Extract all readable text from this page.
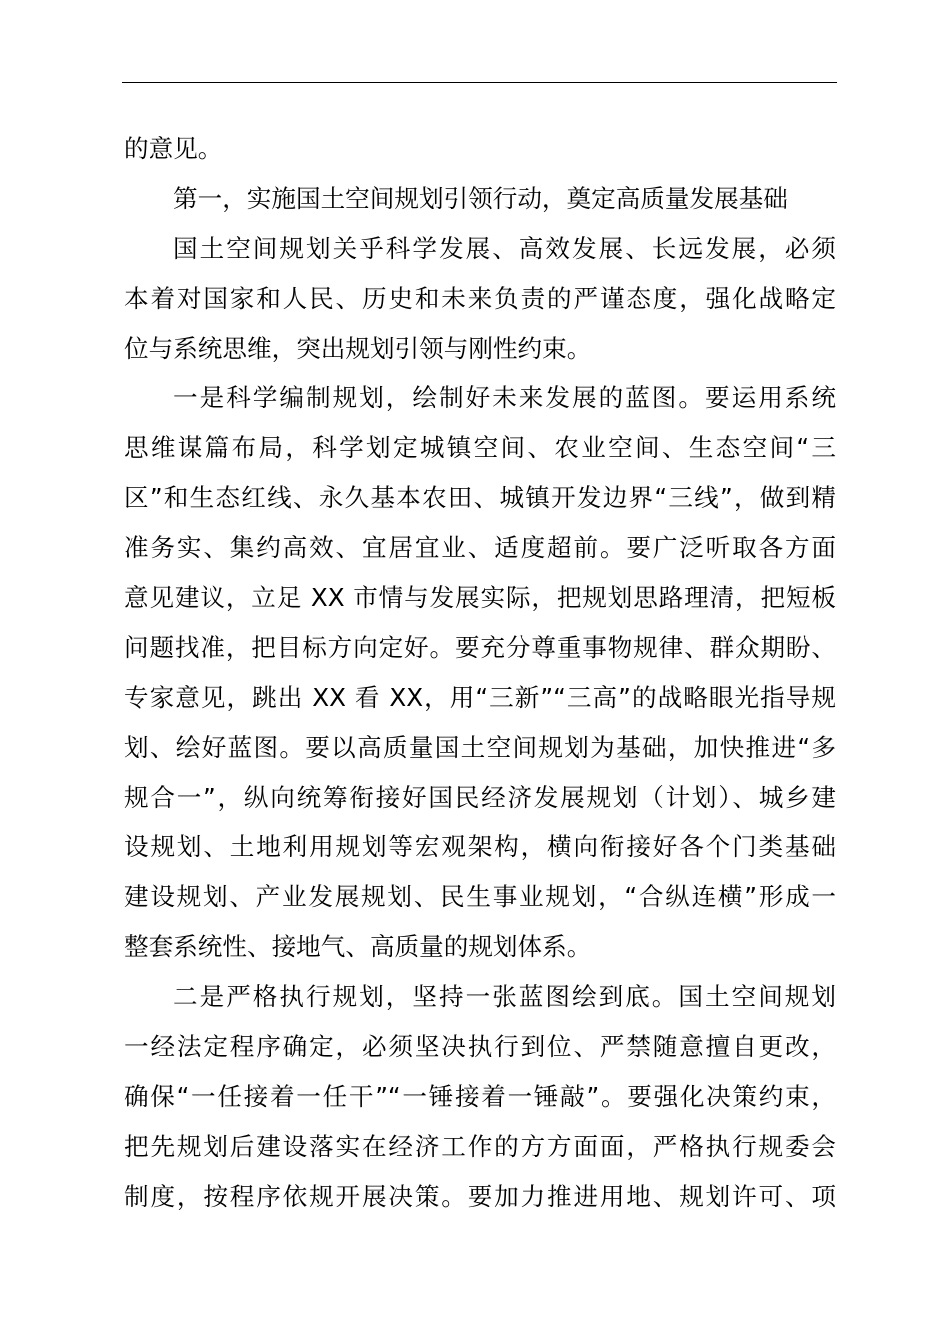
的意见。
第一，实施国土空间规划引领行动，奠定高质量发展基础
国土空间规划关乎科学发展、高效发展、长远发展，必须
本着对国家和人民、历史和未来负责的严谨态度，强化战略定
位与系统思维，突出规划引领与刚性约束。
一是科学编制规划，绘制好未来发展的蓝图。要运用系统
思维谋篇布局，科学划定城镇空间、农业空间、生态空间“三
区”和生态红线、永久基本农田、城镇开发边界“三线”，做到精
准务实、集约高效、宜居宜业、适度超前。要广泛听取各方面
意见建议，立足 XX 市情与发展实际，把规划思路理清，把短板
问题找准，把目标方向定好。要充分尊重事物规律、群众期盼、
专家意见，跳出 XX 看 XX，用“三新”“三高”的战略眼光指导规
划、绘好蓝图。要以高质量国土空间规划为基础，加快推进“多
规合一”，纵向统筹衔接好国民经济发展规划（计划）、城乡建
设规划、土地利用规划等宏观架构，横向衔接好各个门类基础
建设规划、产业发展规划、民生事业规划，“合纵连横”形成一
整套系统性、接地气、高质量的规划体系。
二是严格执行规划，坚持一张蓝图绘到底。国土空间规划
一经法定程序确定，必须坚决执行到位、严禁随意擅自更改，
确保“一任接着一任干”“一锤接着一锤敲”。要强化决策约束，
把先规划后建设落实在经济工作的方方面面，严格执行规委会
制度，按程序依规开展决策。要加力推进用地、规划许可、项
